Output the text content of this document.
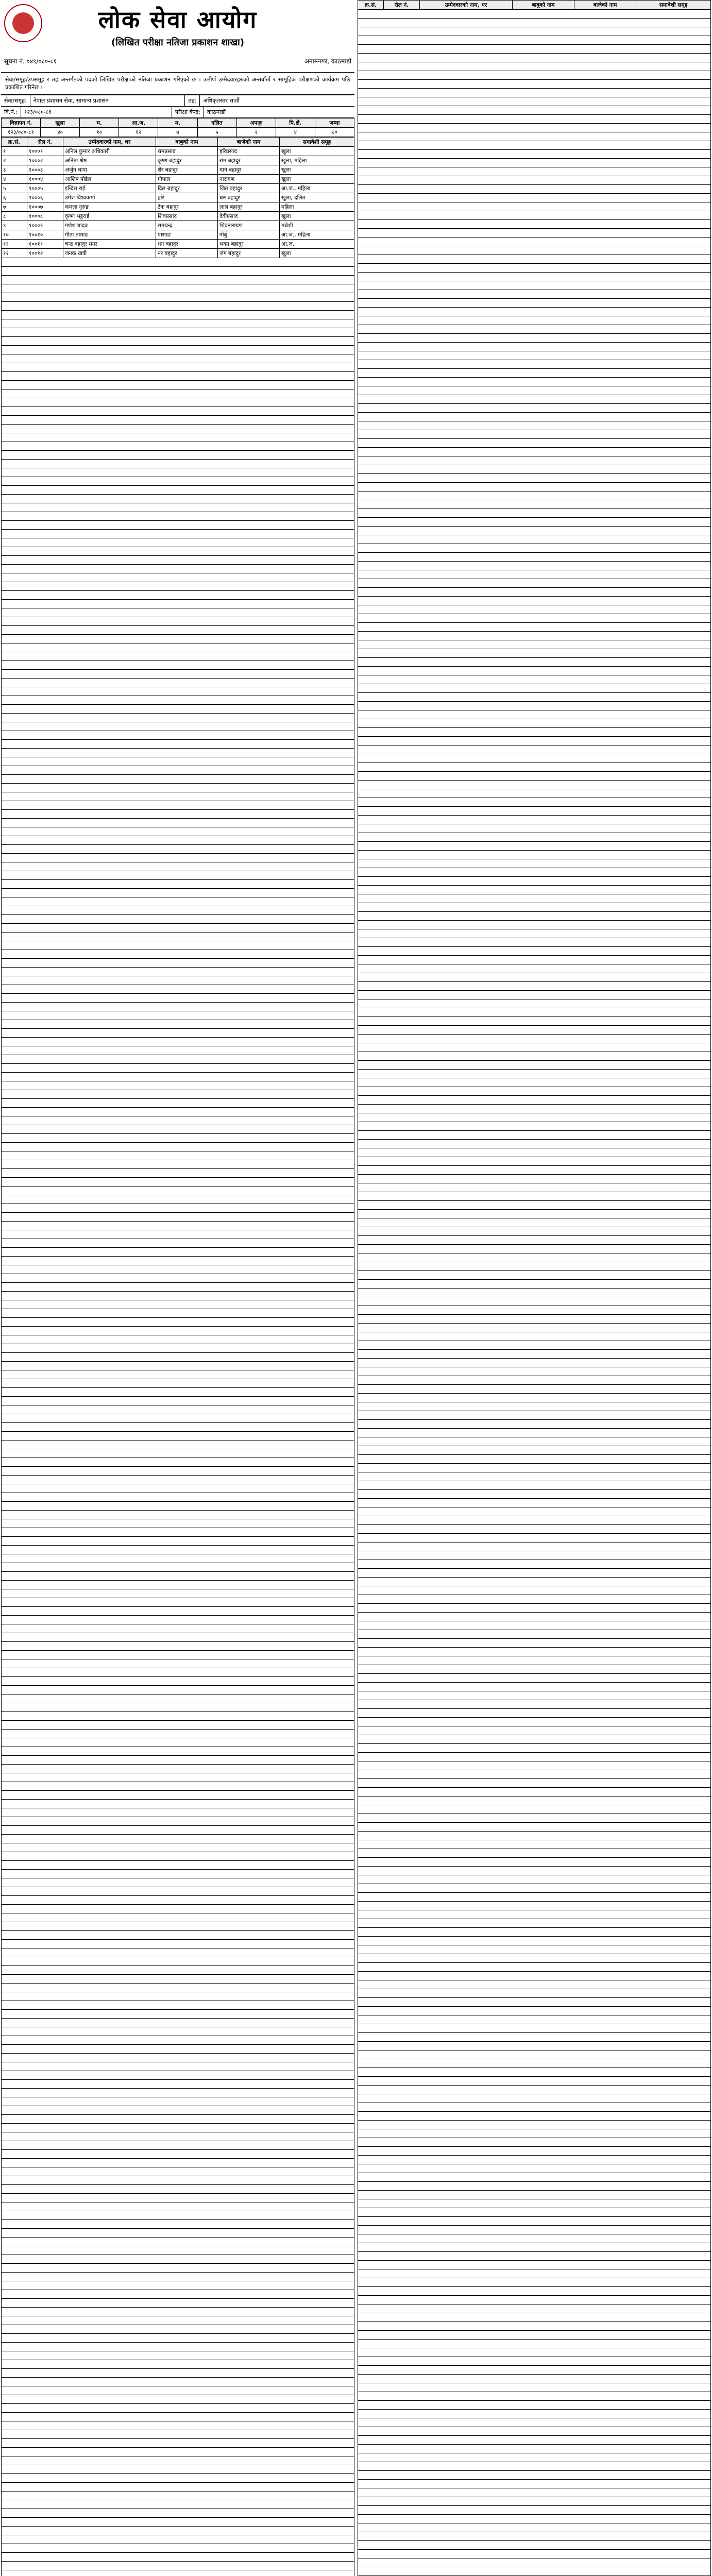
लोक सेवा आयोग
(लिखित परीक्षा नतिजा प्रकाशन शाखा)
सूचना नं. ०४९/०८०-८१	अनामनगर, काठमाडौं
सेवा/समूह/उपसमूह र तह अन्तर्गतको पदको लिखित परीक्षाको नतिजा प्रकाशन गरिएको छ । उत्तीर्ण उम्मेदवारहरुको अन्तर्वार्ता र सामूहिक परीक्षणको कार्यक्रम पछि प्रकाशित गरिनेछ ।
सेवा/समूह:	नेपाल प्रशासन सेवा, सामान्य प्रशासन	तह:	अधिकृतस्तर सातौं
वि.नं.:	१२३/०८०-८१	परीक्षा केन्द्र:	काठमाडौं
विज्ञापन नं.	खुला	म.	आ.ज.	म.	दलित	अपाङ्ग	पि.क्षे.	जम्मा
१२३/०८०-८१	४०	१०	१२	७	५	२	४	८०
क्र.सं.	रोल नं.	उम्मेदवारको नाम, थर	बाबुको नाम	बाजेको नाम	समावेशी समूह
१	१०००१	अनिल कुमार अधिकारी	रामप्रसाद	हरिप्रसाद	खुला
२	१०००२	अनिता श्रेष्ठ	कृष्ण बहादुर	राम बहादुर	खुला, महिला
३	१०००३	अर्जुन थापा	शेर बहादुर	मान बहादुर	खुला
४	१०००४	आशिष पौडेल	गोपाल	नारायण	खुला
५	१०००५	इन्दिरा राई	दिल बहादुर	जित बहादुर	आ.ज., महिला
६	१०००६	उमेश विश्वकर्मा	हरि	धन बहादुर	खुला, दलित
७	१०००७	कमला गुरुङ	टेक बहादुर	लाल बहादुर	महिला
८	१०००८	कृष्ण भट्टराई	शिवप्रसाद	देवीप्रसाद	खुला
९	१०००९	गणेश यादव	रामचन्द्र	शिवनारायण	मधेशी
१०	१००१०	गीता तामाङ	पासाङ	नोर्बु	आ.ज., महिला
११	१००११	चन्द्र बहादुर मगर	धन बहादुर	भक्त बहादुर	आ.ज.
१२	१००१२	जनक खत्री	नर बहादुर	जंग बहादुर	खुला
क्र.सं.	रोल नं.	उम्मेदवारको नाम, थर	बाबुको नाम	बाजेको नाम	समावेशी समूह
